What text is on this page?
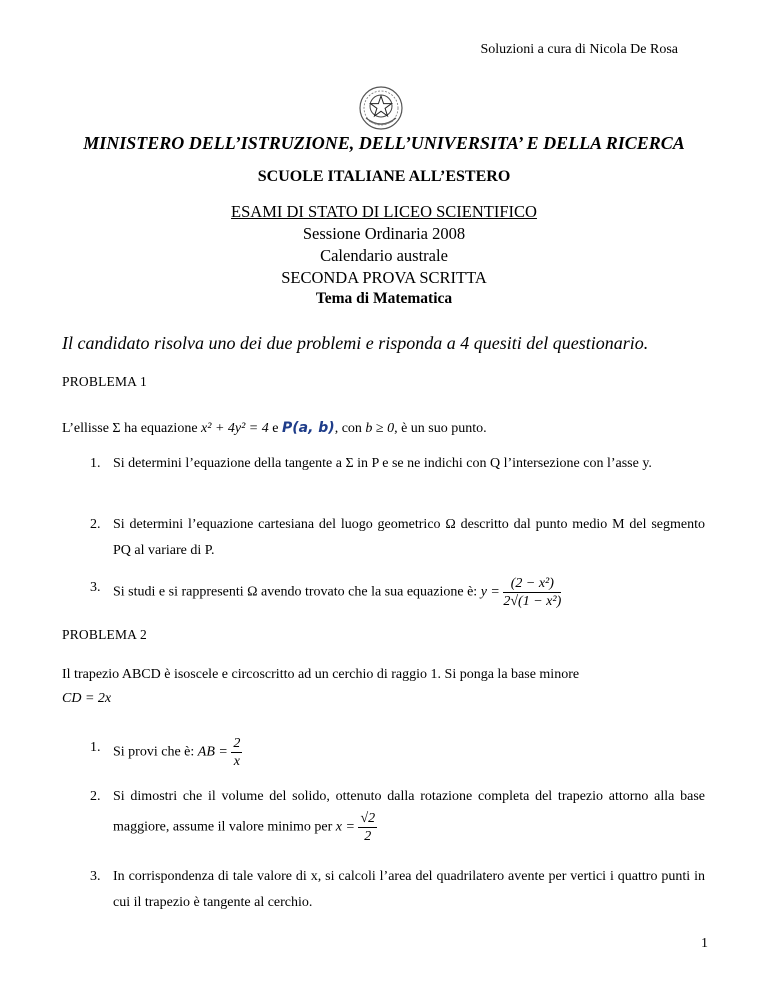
Soluzioni a cura di Nicola De Rosa
MINISTERO DELL’ISTRUZIONE, DELL’UNIVERSITA’ E DELLA RICERCA
SCUOLE ITALIANE ALL’ESTERO
ESAMI DI STATO DI LICEO SCIENTIFICO
Sessione Ordinaria 2008
Calendario australe
SECONDA PROVA SCRITTA
Tema di Matematica
Il candidato risolva uno dei due problemi e risponda a 4 quesiti del questionario.
PROBLEMA 1
L’ellisse Σ ha equazione x² + 4y² = 4 e P(a, b), con b ≥ 0, è un suo punto.
1. Si determini l’equazione della tangente a Σ in P e se ne indichi con Q l’intersezione con l’asse y.
2. Si determini l’equazione cartesiana del luogo geometrico Ω descritto dal punto medio M del segmento PQ al variare di P.
3. Si studi e si rappresenti Ω avendo trovato che la sua equazione è: $y = \frac{\text{(2 − x²)}}{\text{2√(1 − x²)}}$
PROBLEMA 2
Il trapezio ABCD è isoscele e circoscritto ad un cerchio di raggio 1. Si ponga la base minore
CD = 2x
1. Si provi che è: AB = $\frac{2}{x}$
2. Si dimostri che il volume del solido, ottenuto dalla rotazione completa del trapezio attorno alla base maggiore, assume il valore minimo per $x = \frac{√2}{2}$
3. In corrispondenza di tale valore di x, si calcoli l’area del quadrilatero avente per vertici i quattro punti in cui il trapezio è tangente al cerchio.
1
